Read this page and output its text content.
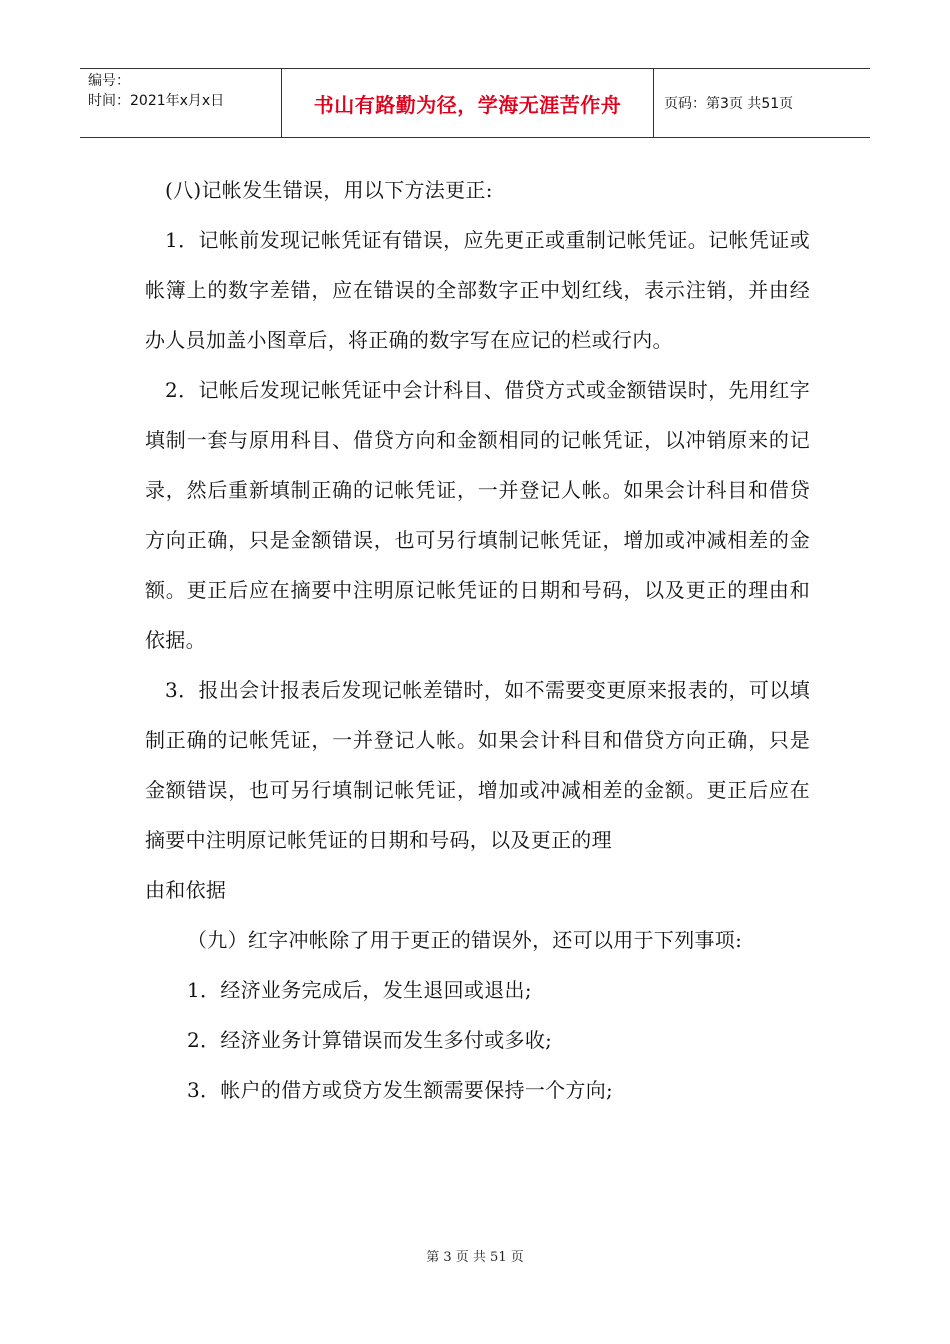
编号：
时间：2021年x月x日	书山有路勤为径，学海无涯苦作舟	页码：第3页 共51页

(八)记帐发生错误，用以下方法更正:

1．记帐前发现记帐凭证有错误，应先更正或重制记帐凭证。记帐凭证或帐簿上的数字差错，应在错误的全部数字正中划红线，表示注销，并由经办人员加盖小图章后，将正确的数字写在应记的栏或行内。

2．记帐后发现记帐凭证中会计科目、借贷方式或金额错误时，先用红字填制一套与原用科目、借贷方向和金额相同的记帐凭证，以冲销原来的记录，然后重新填制正确的记帐凭证，一并登记人帐。如果会计科目和借贷方向正确，只是金额错误，也可另行填制记帐凭证，增加或冲减相差的金额。更正后应在摘要中注明原记帐凭证的日期和号码，以及更正的理由和依据。

3．报出会计报表后发现记帐差错时，如不需要变更原来报表的，可以填制正确的记帐凭证，一并登记人帐。如果会计科目和借贷方向正确，只是金额错误，也可另行填制记帐凭证，增加或冲减相差的金额。更正后应在摘要中注明原记帐凭证的日期和号码，以及更正的理

由和依据

（九）红字冲帐除了用于更正的错误外，还可以用于下列事项:

1．经济业务完成后，发生退回或退出;

2．经济业务计算错误而发生多付或多收;

3．帐户的借方或贷方发生额需要保持一个方向;

第 3 页 共 51 页
